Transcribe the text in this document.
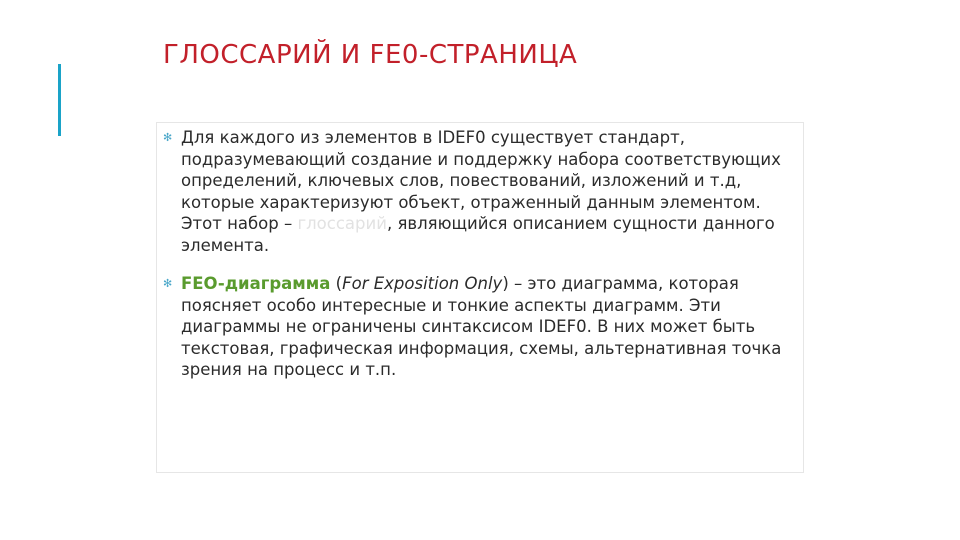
ГЛОССАРИЙ И FE0-СТРАНИЦА
✻ Для каждого из элементов в IDEF0 существует стандарт, подразумевающий создание и поддержку набора соответствующих определений, ключевых слов, повествований, изложений и т.д, которые характеризуют объект, отраженный данным элементом. Этот набор – глоссарий, являющийся описанием сущности данного элемента.
✻ FEO-диаграмма (For Exposition Only) – это диаграмма, которая поясняет особо интересные и тонкие аспекты диаграмм. Эти диаграммы не ограничены синтаксисом IDEF0. В них может быть текстовая, графическая информация, схемы, альтернативная точка зрения на процесс и т.п.
